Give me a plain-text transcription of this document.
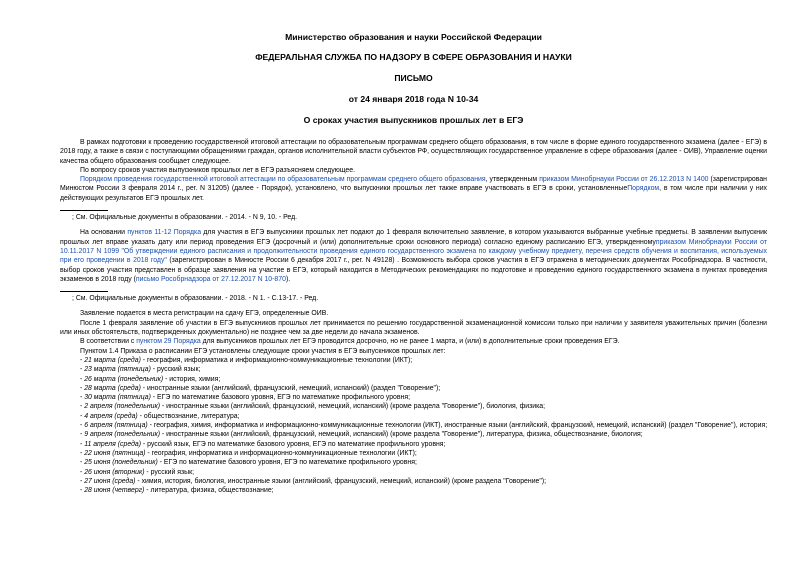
Министерство образования и науки Российской Федерации
ФЕДЕРАЛЬНАЯ СЛУЖБА ПО НАДЗОРУ В СФЕРЕ ОБРАЗОВАНИЯ И НАУКИ
ПИСЬМО
от 24 января 2018 года N 10-34
О сроках участия выпускников прошлых лет в ЕГЭ

В рамках подготовки к проведению государственной итоговой аттестации по образовательным программам среднего общего образования, в том числе в форме единого государственного экзамена (далее - ЕГЭ) в 2018 году, а также в связи с поступающими обращениями граждан, органов исполнительной власти субъектов РФ, осуществляющих государственное управление в сфере образования (далее - ОИВ), Управление оценки качества общего образования сообщает следующее.

По вопросу сроков участия выпускников прошлых лет в ЕГЭ разъясняем следующее.

Порядком проведения государственной итоговой аттестации по образовательным программам среднего общего образования, утвержденным приказом Минобрнауки России от 26.12.2013 N 1400 (зарегистрирован Минюстом России 3 февраля 2014 г., рег. N 31205) (далее - Порядок), установлено, что выпускники прошлых лет также вправе участвовать в ЕГЭ в сроки, установленныеПорядком, в том числе при наличии у них действующих результатов ЕГЭ прошлых лет.

; См. Официальные документы в образовании. - 2014. - N 9, 10. - Ред.

На основании пунктов 11-12 Порядка для участия в ЕГЭ выпускники прошлых лет подают до 1 февраля включительно заявление, в котором указываются выбранные учебные предметы. В заявлении выпускник прошлых лет вправе указать дату или период проведения ЕГЭ (досрочный и (или) дополнительные сроки основного периода) согласно единому расписанию ЕГЭ, утвержденномуприказом Минобрнауки России от 10.11.2017 N 1099 "Об утверждении единого расписания и продолжительности проведения единого государственного экзамена по каждому учебному предмету, перечня средств обучения и воспитания, используемых при его проведении в 2018 году" (зарегистрирован в Минюсте России 6 декабря 2017 г., рег. N 49128) . Возможность выбора сроков участия в ЕГЭ отражена в методических документах Рособрнадзора. В частности, выбор сроков участия представлен в образце заявления на участие в ЕГЭ, который находится в Методических рекомендациях по подготовке и проведению единого государственного экзамена в пунктах проведения экзаменов в 2018 году (письмо Рособрнадзора от 27.12.2017 N 10-870).

; См. Официальные документы в образовании. - 2018. - N 1. - С.13-17. - Ред.

Заявление подается в места регистрации на сдачу ЕГЭ, определенные ОИВ.

После 1 февраля заявление об участии в ЕГЭ выпускников прошлых лет принимается по решению государственной экзаменационной комиссии только при наличии у заявителя уважительных причин (болезни или иных обстоятельств, подтвержденных документально) не позднее чем за две недели до начала экзаменов.

В соответствии с пунктом 29 Порядка для выпускников прошлых лет ЕГЭ проводится досрочно, но не ранее 1 марта, и (или) в дополнительные сроки проведения ЕГЭ.

Пунктом 1.4 Приказа о расписании ЕГЭ установлены следующие сроки участия в ЕГЭ выпускников прошлых лет:

- 21 марта (среда) - география, информатика и информационно-коммуникационные технологии (ИКТ);

- 23 марта (пятница) - русский язык;

- 26 марта (понедельник) - история, химия;

- 28 марта (среда) - иностранные языки (английский, французский, немецкий, испанский) (раздел "Говорение");

- 30 марта (пятница) - ЕГЭ по математике базового уровня, ЕГЭ по математике профильного уровня;

- 2 апреля (понедельник) - иностранные языки (английский, французский, немецкий, испанский) (кроме раздела "Говорение"), биология, физика;

- 4 апреля (среда) - обществознание, литература;

- 6 апреля (пятница) - география, химия, информатика и информационно-коммуникационные технологии (ИКТ), иностранные языки (английский, французский, немецкий, испанский) (раздел "Говорение"), история;

- 9 апреля (понедельник) - иностранные языки (английский, французский, немецкий, испанский) (кроме раздела "Говорение"), литература, физика, обществознание, биология;

- 11 апреля (среда) - русский язык, ЕГЭ по математике базового уровня, ЕГЭ по математике профильного уровня;

- 22 июня (пятница) - география, информатика и информационно-коммуникационные технологии (ИКТ);

- 25 июня (понедельник) - ЕГЭ по математике базового уровня, ЕГЭ по математике профильного уровня;

- 26 июня (вторник) - русский язык;

- 27 июня (среда) - химия, история, биология, иностранные языки (английский, французский, немецкий, испанский) (кроме раздела "Говорение");

- 28 июня (четверг) - литература, физика, обществознание;
